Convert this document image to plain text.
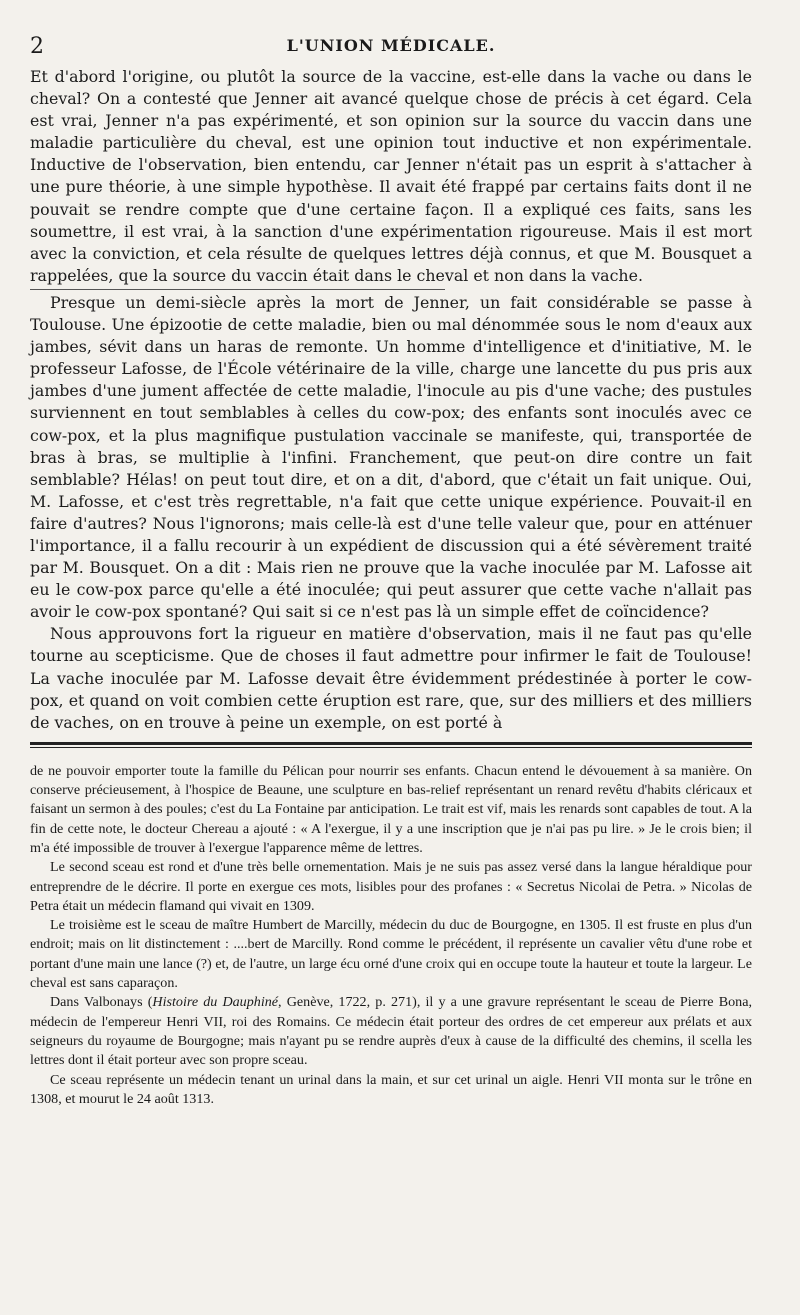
2	L'UNION MÉDICALE.

Et d'abord l'origine, ou plutôt la source de la vaccine, est-elle dans la vache ou dans le cheval? On a contesté que Jenner ait avancé quelque chose de précis à cet égard. Cela est vrai, Jenner n'a pas expérimenté, et son opinion sur la source du vaccin dans une maladie particulière du cheval, est une opinion tout inductive et non expérimentale. Inductive de l'observation, bien entendu, car Jenner n'était pas un esprit à s'attacher à une pure théorie, à une simple hypothèse. Il avait été frappé par certains faits dont il ne pouvait se rendre compte que d'une certaine façon. Il a expliqué ces faits, sans les soumettre, il est vrai, à la sanction d'une expérimentation rigoureuse. Mais il est mort avec la conviction, et cela résulte de quelques lettres déjà connus, et que M. Bousquet a rappelées, que la source du vaccin était dans le cheval et non dans la vache.

Presque un demi-siècle après la mort de Jenner, un fait considérable se passe à Toulouse. Une épizootie de cette maladie, bien ou mal dénommée sous le nom d'eaux aux jambes, sévit dans un haras de remonte. Un homme d'intelligence et d'initiative, M. le professeur Lafosse, de l'École vétérinaire de la ville, charge une lancette du pus pris aux jambes d'une jument affectée de cette maladie, l'inocule au pis d'une vache; des pustules surviennent en tout semblables à celles du cow-pox; des enfants sont inoculés avec ce cow-pox, et la plus magnifique pustulation vaccinale se manifeste, qui, transportée de bras à bras, se multiplie à l'infini. Franchement, que peut-on dire contre un fait semblable? Hélas! on peut tout dire, et on a dit, d'abord, que c'était un fait unique. Oui, M. Lafosse, et c'est très regrettable, n'a fait que cette unique expérience. Pouvait-il en faire d'autres? Nous l'ignorons; mais celle-là est d'une telle valeur que, pour en atténuer l'importance, il a fallu recourir à un expédient de discussion qui a été sévèrement traité par M. Bousquet. On a dit : Mais rien ne prouve que la vache inoculée par M. Lafosse ait eu le cow-pox parce qu'elle a été inoculée; qui peut assurer que cette vache n'allait pas avoir le cow-pox spontané? Qui sait si ce n'est pas là un simple effet de coïncidence?

Nous approuvons fort la rigueur en matière d'observation, mais il ne faut pas qu'elle tourne au scepticisme. Que de choses il faut admettre pour infirmer le fait de Toulouse! La vache inoculée par M. Lafosse devait être évidemment prédestinée à porter le cow-pox, et quand on voit combien cette éruption est rare, que, sur des milliers et des milliers de vaches, on en trouve à peine un exemple, on est porté à

de ne pouvoir emporter toute la famille du Pélican pour nourrir ses enfants. Chacun entend le dévouement à sa manière. On conserve précieusement, à l'hospice de Beaune, une sculpture en bas-relief représentant un renard revêtu d'habits cléricaux et faisant un sermon à des poules; c'est du La Fontaine par anticipation. Le trait est vif, mais les renards sont capables de tout. A la fin de cette note, le docteur Chereau a ajouté : « A l'exergue, il y a une inscription que je n'ai pas pu lire. » Je le crois bien; il m'a été impossible de trouver à l'exergue l'apparence même de lettres.

Le second sceau est rond et d'une très belle ornementation. Mais je ne suis pas assez versé dans la langue héraldique pour entreprendre de le décrire. Il porte en exergue ces mots, lisibles pour des profanes : « Secretus Nicolai de Petra. » Nicolas de Petra était un médecin flamand qui vivait en 1309.

Le troisième est le sceau de maître Humbert de Marcilly, médecin du duc de Bourgogne, en 1305. Il est fruste en plus d'un endroit; mais on lit distinctement : ....bert de Marcilly. Rond comme le précédent, il représente un cavalier vêtu d'une robe et portant d'une main une lance (?) et, de l'autre, un large écu orné d'une croix qui en occupe toute la hauteur et toute la largeur. Le cheval est sans caparaçon.

Dans Valbonays (Histoire du Dauphiné, Genève, 1722, p. 271), il y a une gravure représentant le sceau de Pierre Bona, médecin de l'empereur Henri VII, roi des Romains. Ce médecin était porteur des ordres de cet empereur aux prélats et aux seigneurs du royaume de Bourgogne; mais n'ayant pu se rendre auprès d'eux à cause de la difficulté des chemins, il scella les lettres dont il était porteur avec son propre sceau.

Ce sceau représente un médecin tenant un urinal dans la main, et sur cet urinal un aigle. Henri VII monta sur le trône en 1308, et mourut le 24 août 1313.
